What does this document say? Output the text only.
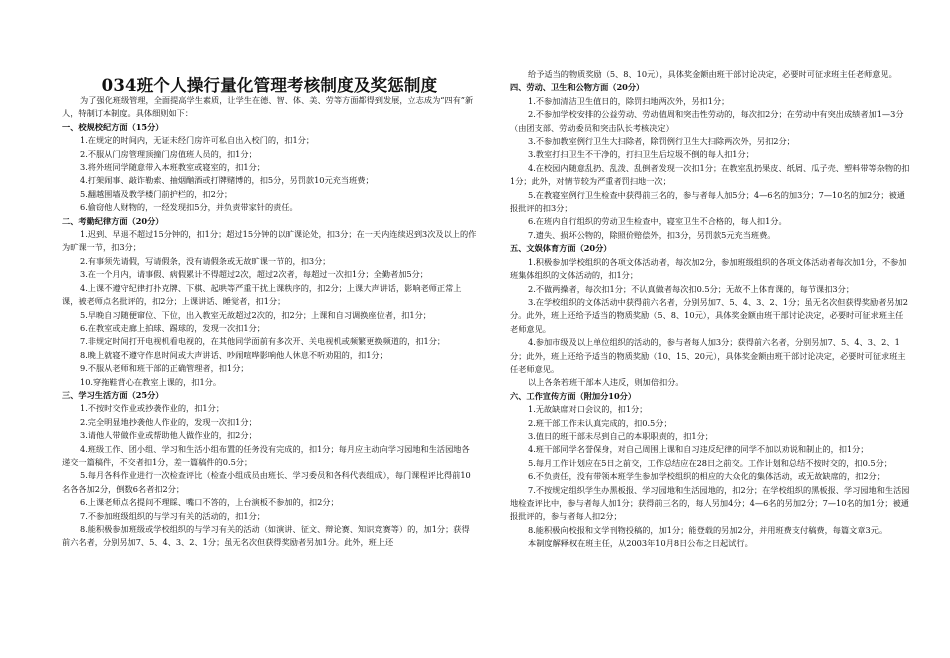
034班个人操行量化管理考核制度及奖惩制度
为了强化班级管理，全面提高学生素质，让学生在德、智、体、美、劳等方面都得到发展，立志成为“四有”新人，特制订本制度。具体细则如下：
一、校规校纪方面（15分）
1.在规定的时间内，无证未经门房许可私自出入校门的，扣1分；
2.不服从门房管理顶撞门房值班人员的，扣1分；
3.将外班同学随意带入本班教室或寝室的，扣1分；
4.打架闹事、敲诈勒索、抽烟酗酒或打牌赌博的，扣5分，另罚款10元充当班费；
5.翻越围墙及教学楼门前护栏的，扣2分；
6.偷窃他人财物的，一经发现扣5分，并负责带家针的责任。
二、考勤纪律方面（20分）
1.迟到、早退不超过15分钟的，扣1分；超过15分钟的以旷课论处，扣3分；在一天内连续迟到3次及以上的作为旷课一节，扣3分；
2.有事须先请假，写请假条，没有请假条或无故旷课一节的，扣3分；
3.在一个月内，请事假、病假累计不得超过2次，超过2次者，每超过一次扣1分；全勤者加5分；
4.上课不遵守纪律打扑克牌、下棋、起哄等严重干扰上课秩序的，扣2分；上课大声讲话，影响老师正常上课，被老师点名批评的，扣2分；上课讲话、睡觉者，扣1分；
5.早晚自习随便窜位、下位，出入教室无故超过2次的，扣2分；上课和自习调换座位者，扣1分；
6.在教室或走廊上拍球、踢球的，发现一次扣1分；
7.非规定时间打开电视机看电视的，在其他同学面前有多次开、关电视机或频繁更换频道的，扣1分；
8.晚上就寝不遵守作息时间或大声讲话、吵闹喧哗影响他人休息不听劝阻的，扣1分；
9.不服从老师和班干部的正确管理者，扣1分；
10.穿拖鞋背心在教室上课的，扣1分。
三、学习生活方面（25分）
1.不按时交作业或抄袭作业的，扣1分；
2.完全明显地抄袭他人作业的，发现一次扣1分；
3.请他人带做作业或帮助他人做作业的，扣2分；
4.班级工作、团小组、学习和生活小组布置的任务没有完成的，扣1分；每月应主动向学习园地和生活园地各递交一篇稿件，不交者扣1分，差一篇稿件的0.5分；
5.每月各科作业进行一次检查评比（检查小组成员由班长、学习委员和各科代表组成），每门课程评比得前10名各各加2分，倒数6名者扣2分；
6.上课老师点名提问不理睬、嘴口不答的，上台演板不参加的，扣2分；
7.不参加班级组织的与学习有关的活动的，扣1分；
8.能积极参加班级或学校组织的与学习有关的活动（如演讲、征文、辩论赛、知识竞赛等）的，加1分；获得前六名者，分别另加7、5、4、3、2、1分；虽无名次但获得奖励者另加1分。此外，班上还
给予适当的物质奖励（5、8、10元），具体奖金额由班干部讨论决定，必要时可征求班主任老师意见。
四、劳动、卫生和公物方面（20分）
1.不参加清洁卫生值日的，除罚扫地两次外，另扣1分；
2.不参加学校安排的公益劳动、劳动值周和突击性劳动的，每次扣2分；在劳动中有突出成绩者加1—3分（由团支部、劳动委员和突击队长考核决定）
3.不参加教室例行卫生大扫除者，除罚例行卫生大扫除两次外，另扣2分；
3.教室打扫卫生不干净的，打扫卫生后垃圾不倒的每人扣1分；
4.在校园内随意乱扔、乱泼、乱倒者发现一次扣1分；在教室乱扔果皮、纸屑、瓜子壳、塑料带等杂物的扣1分；此外，对情节较为严重者罚扫地一次；
5.在教寝室例行卫生检查中获得前三名的，参与者每人加5分；4—6名的加3分；7—10名的加2分；被通报批评的扣3分；
6.在班内自行组织的劳动卫生检查中，寝室卫生不合格的，每人扣1分。
7.遗失、损坏公物的，除照价赔偿外，扣3分，另罚款5元充当班费。
五、文娱体育方面（20分）
1.积极参加学校组织的各项文体活动者，每次加2分，参加班级组织的各项文体活动者每次加1分，不参加班集体组织的文体活动的，扣1分；
2.不做两操者，每次扣1分；不认真做者每次扣0.5分；无故不上体育课的，每节课扣3分；
3.在学校组织的文体活动中获得前六名者，分别另加7、5、4、3、2、1分；虽无名次但获得奖励者另加2分。此外，班上还给予适当的物质奖励（5、8、10元），具体奖金额由班干部讨论决定，必要时可征求班主任老师意见。
4.参加市级及以上单位组织的活动的，参与者每人加3分；获得前六名者，分别另加7、5、4、3、2、1分；此外，班上还给予适当的物质奖励（10、15、20元），具体奖金额由班干部讨论决定，必要时可征求班主任老师意见。
以上各条若班干部本人违反，则加倍扣分。
六、工作宣传方面（附加分10分）
1.无故缺席对口会议的，扣1分；
2.班干部工作未认真完成的，扣0.5分；
3.值日的班干部未尽到自己的本职职责的，扣1分；
4.班干部同学名誉保身，对自己周围上课和自习违反纪律的同学不加以劝说和制止的，扣1分；
5.每月工作计划应在5日之前交，工作总结应在28日之前交。工作计划和总结不按时交的，扣0.5分；
6.不负责任，没有带领本班学生参加学校组织的相应的大众化的集体活动，或无故缺席的，扣2分；
7.不按规定组织学生办黑板报、学习园地和生活园地的，扣2分；在学校组织的黑板报、学习园地和生活园地检查评比中，参与者每人加1分；获得前三名的，每人另加4分；4—6名的另加2分；7—10名的加1分；被通报批评的，参与者每人扣2分；
8.能积极向校报和文学刊物投稿的，加1分；能登载的另加2分，并用班费支付稿费，每篇文章3元。
本制度解释权在班主任，从2003年10月8日公布之日起试行。
